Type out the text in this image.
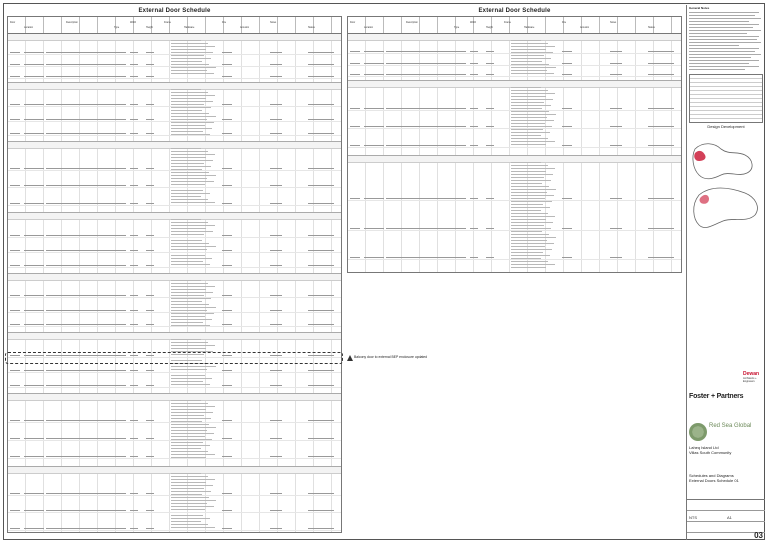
External Door Schedule
Door
Location
Description
Type
Width
Height
Frame
Hardware
Fire
Acoustic
Notes
Status
External Door Schedule
Door
Location
Description
Type
Width
Height
Frame
Hardware
Fire
Acoustic
Notes
Status
Balcony door to external BEP enclosure updated
General Notes
Design Development
Dewan
Architects + Engineers
Foster + Partners
Red Sea Global
Laheq Island Ltd
Villas South Community
Schedules and Diagrams
External Doors Schedule 01
NTS	A1
03
